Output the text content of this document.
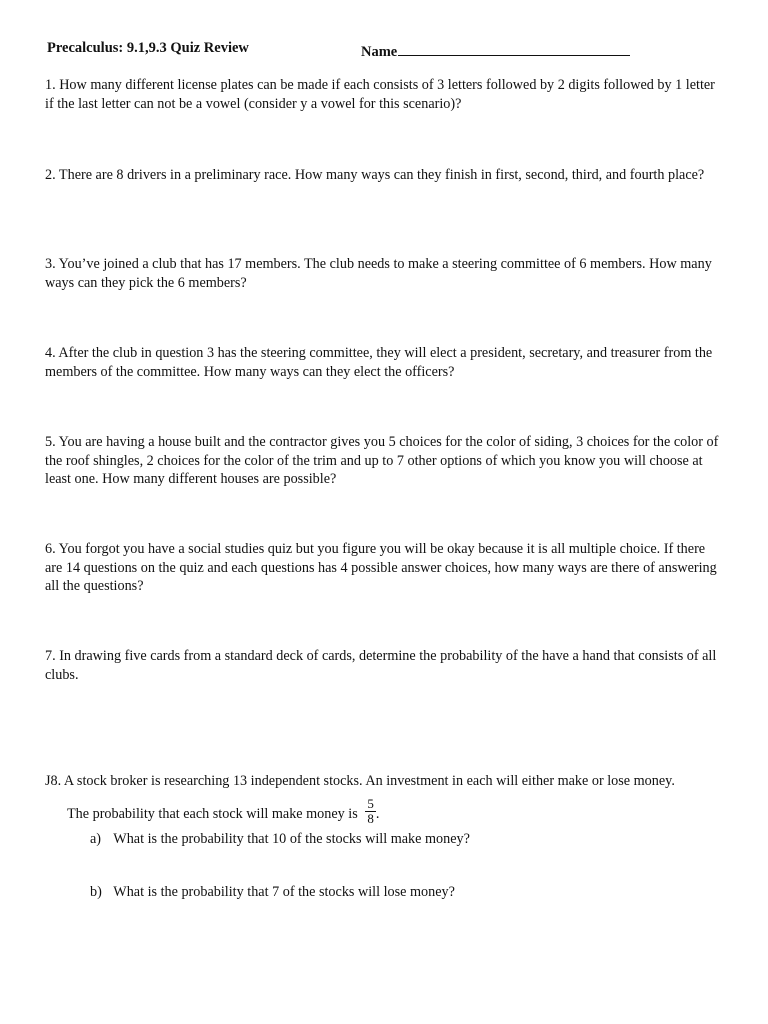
Precalculus: 9.1,9.3 Quiz Review	Name
1. How many different license plates can be made if each consists of 3 letters followed by 2 digits followed by 1 letter if the last letter can not be a vowel (consider y a vowel for this scenario)?
2. There are 8 drivers in a preliminary race. How many ways can they finish in first, second, third, and fourth place?
3. You’ve joined a club that has 17 members. The club needs to make a steering committee of 6 members. How many ways can they pick the 6 members?
4. After the club in question 3 has the steering committee, they will elect a president, secretary, and treasurer from the members of the committee. How many ways can they elect the officers?
5. You are having a house built and the contractor gives you 5 choices for the color of siding, 3 choices for the color of the roof shingles, 2 choices for the color of the trim and up to 7 other options of which you know you will choose at least one. How many different houses are possible?
6. You forgot you have a social studies quiz but you figure you will be okay because it is all multiple choice. If there are 14 questions on the quiz and each questions has 4 possible answer choices, how many ways are there of answering all the questions?
7. In drawing five cards from a standard deck of cards, determine the probability of the have a hand that consists of all clubs.
J8. A stock broker is researching 13 independent stocks. An investment in each will either make or lose money.
The probability that each stock will make money is $\frac{5}{8}$ .
a) What is the probability that 10 of the stocks will make money?
b) What is the probability that 7 of the stocks will lose money?
